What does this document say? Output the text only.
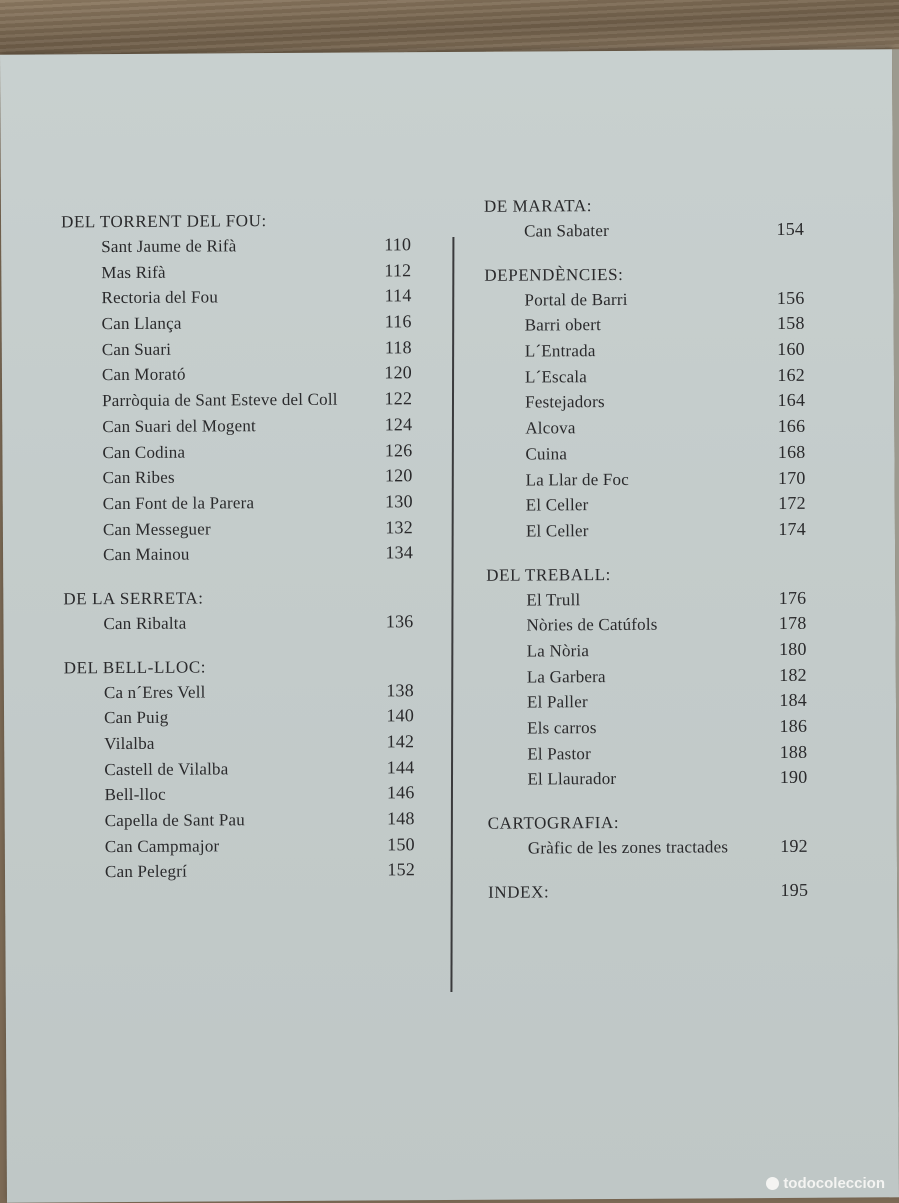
DEL TORRENT DEL FOU:
Sant Jaume de Rifà	110
Mas Rifà	112
Rectoria del Fou	114
Can Llança	116
Can Suari	118
Can Morató	120
Parròquia de Sant Esteve del Coll	122
Can Suari del Mogent	124
Can Codina	126
Can Ribes	120
Can Font de la Parera	130
Can Messeguer	132
Can Mainou	134
DE LA SERRETA:
Can Ribalta	136
DEL BELL-LLOC:
Ca n´Eres Vell	138
Can Puig	140
Vilalba	142
Castell de Vilalba	144
Bell-lloc	146
Capella de Sant Pau	148
Can Campmajor	150
Can Pelegrí	152
DE MARATA:
Can Sabater	154
DEPENDÈNCIES:
Portal de Barri	156
Barri obert	158
L´Entrada	160
L´Escala	162
Festejadors	164
Alcova	166
Cuina	168
La Llar de Foc	170
El Celler	172
El Celler	174
DEL TREBALL:
El Trull	176
Nòries de Catúfols	178
La Nòria	180
La Garbera	182
El Paller	184
Els carros	186
El Pastor	188
El Llaurador	190
CARTOGRAFIA:
Gràfic de les zones tractades	192
INDEX:	195
todocoleccion
